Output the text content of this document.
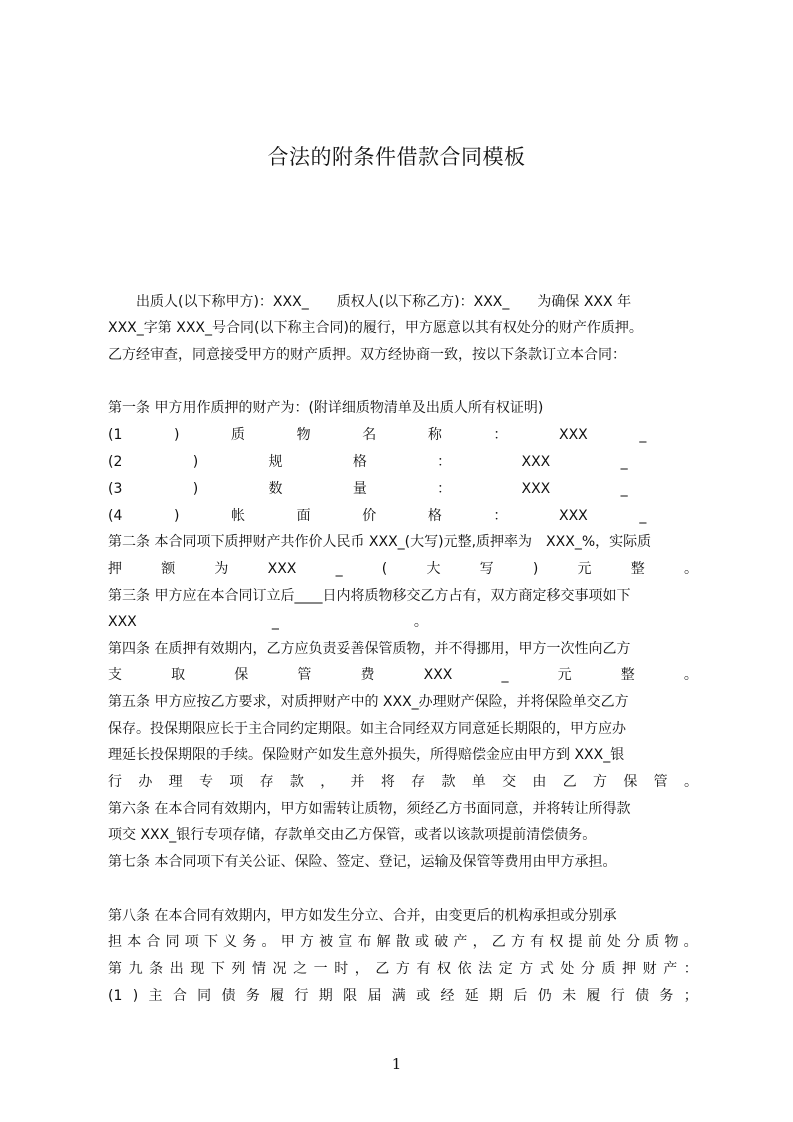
合法的附条件借款合同模板
　　出质人(以下称甲方)：XXX_　　质权人(以下称乙方)：XXX_　　为确保 XXX 年
XXX_字第 XXX_号合同(以下称主合同)的履行，甲方愿意以其有权处分的财产作质押。
乙方经审查，同意接受甲方的财产质押。双方经协商一致，按以下条款订立本合同：
第一条 甲方用作质押的财产为：(附详细质物清单及出质人所有权证明)
(1	)	质	物	名	称	：	XXX	_
(2	)	规	格	：	XXX	_
(3	)	数	量	：	XXX	_
(4	)	帐	面	价	格	：	XXX	_
第二条 本合同项下质押财产共作价人民币 XXX_(大写)元整,质押率为　XXX_%，实际质
押	额	为	XXX	_	(	大	写	)	元	整	。
第三条 甲方应在本合同订立后____日内将质物移交乙方占有，双方商定移交事项如下
XXX	_	。
第四条 在质押有效期内，乙方应负责妥善保管质物，并不得挪用，甲方一次性向乙方
支	取	保	管	费	XXX	_	元	整	。
第五条 甲方应按乙方要求，对质押财产中的 XXX_办理财产保险，并将保险单交乙方
保存。投保期限应长于主合同约定期限。如主合同经双方同意延长期限的，甲方应办
理延长投保期限的手续。保险财产如发生意外损失，所得赔偿金应由甲方到 XXX_银
行 办 理 专 项 存 款 ， 并 将 存 款 单 交 由 乙 方 保 管 。
第六条 在本合同有效期内，甲方如需转让质物，须经乙方书面同意，并将转让所得款
项交 XXX_银行专项存储，存款单交由乙方保管，或者以该款项提前清偿债务。
第七条 本合同项下有关公证、保险、签定、登记，运输及保管等费用由甲方承担。
第八条 在本合同有效期内，甲方如发生分立、合并，由变更后的机构承担或分别承
担 本 合 同 项 下 义 务 。 甲 方 被 宣 布 解 散 或 破 产 ， 乙 方 有 权 提 前 处 分 质 物 。
第 九 条 出 现 下 列 情 况 之 一 时 ， 乙 方 有 权 依 法 定 方 式 处 分 质 押 财 产 ：
(1 ) 主 合 同 债 务 履 行 期 限 届 满 或 经 延 期 后 仍 未 履 行 债 务 ；
1
